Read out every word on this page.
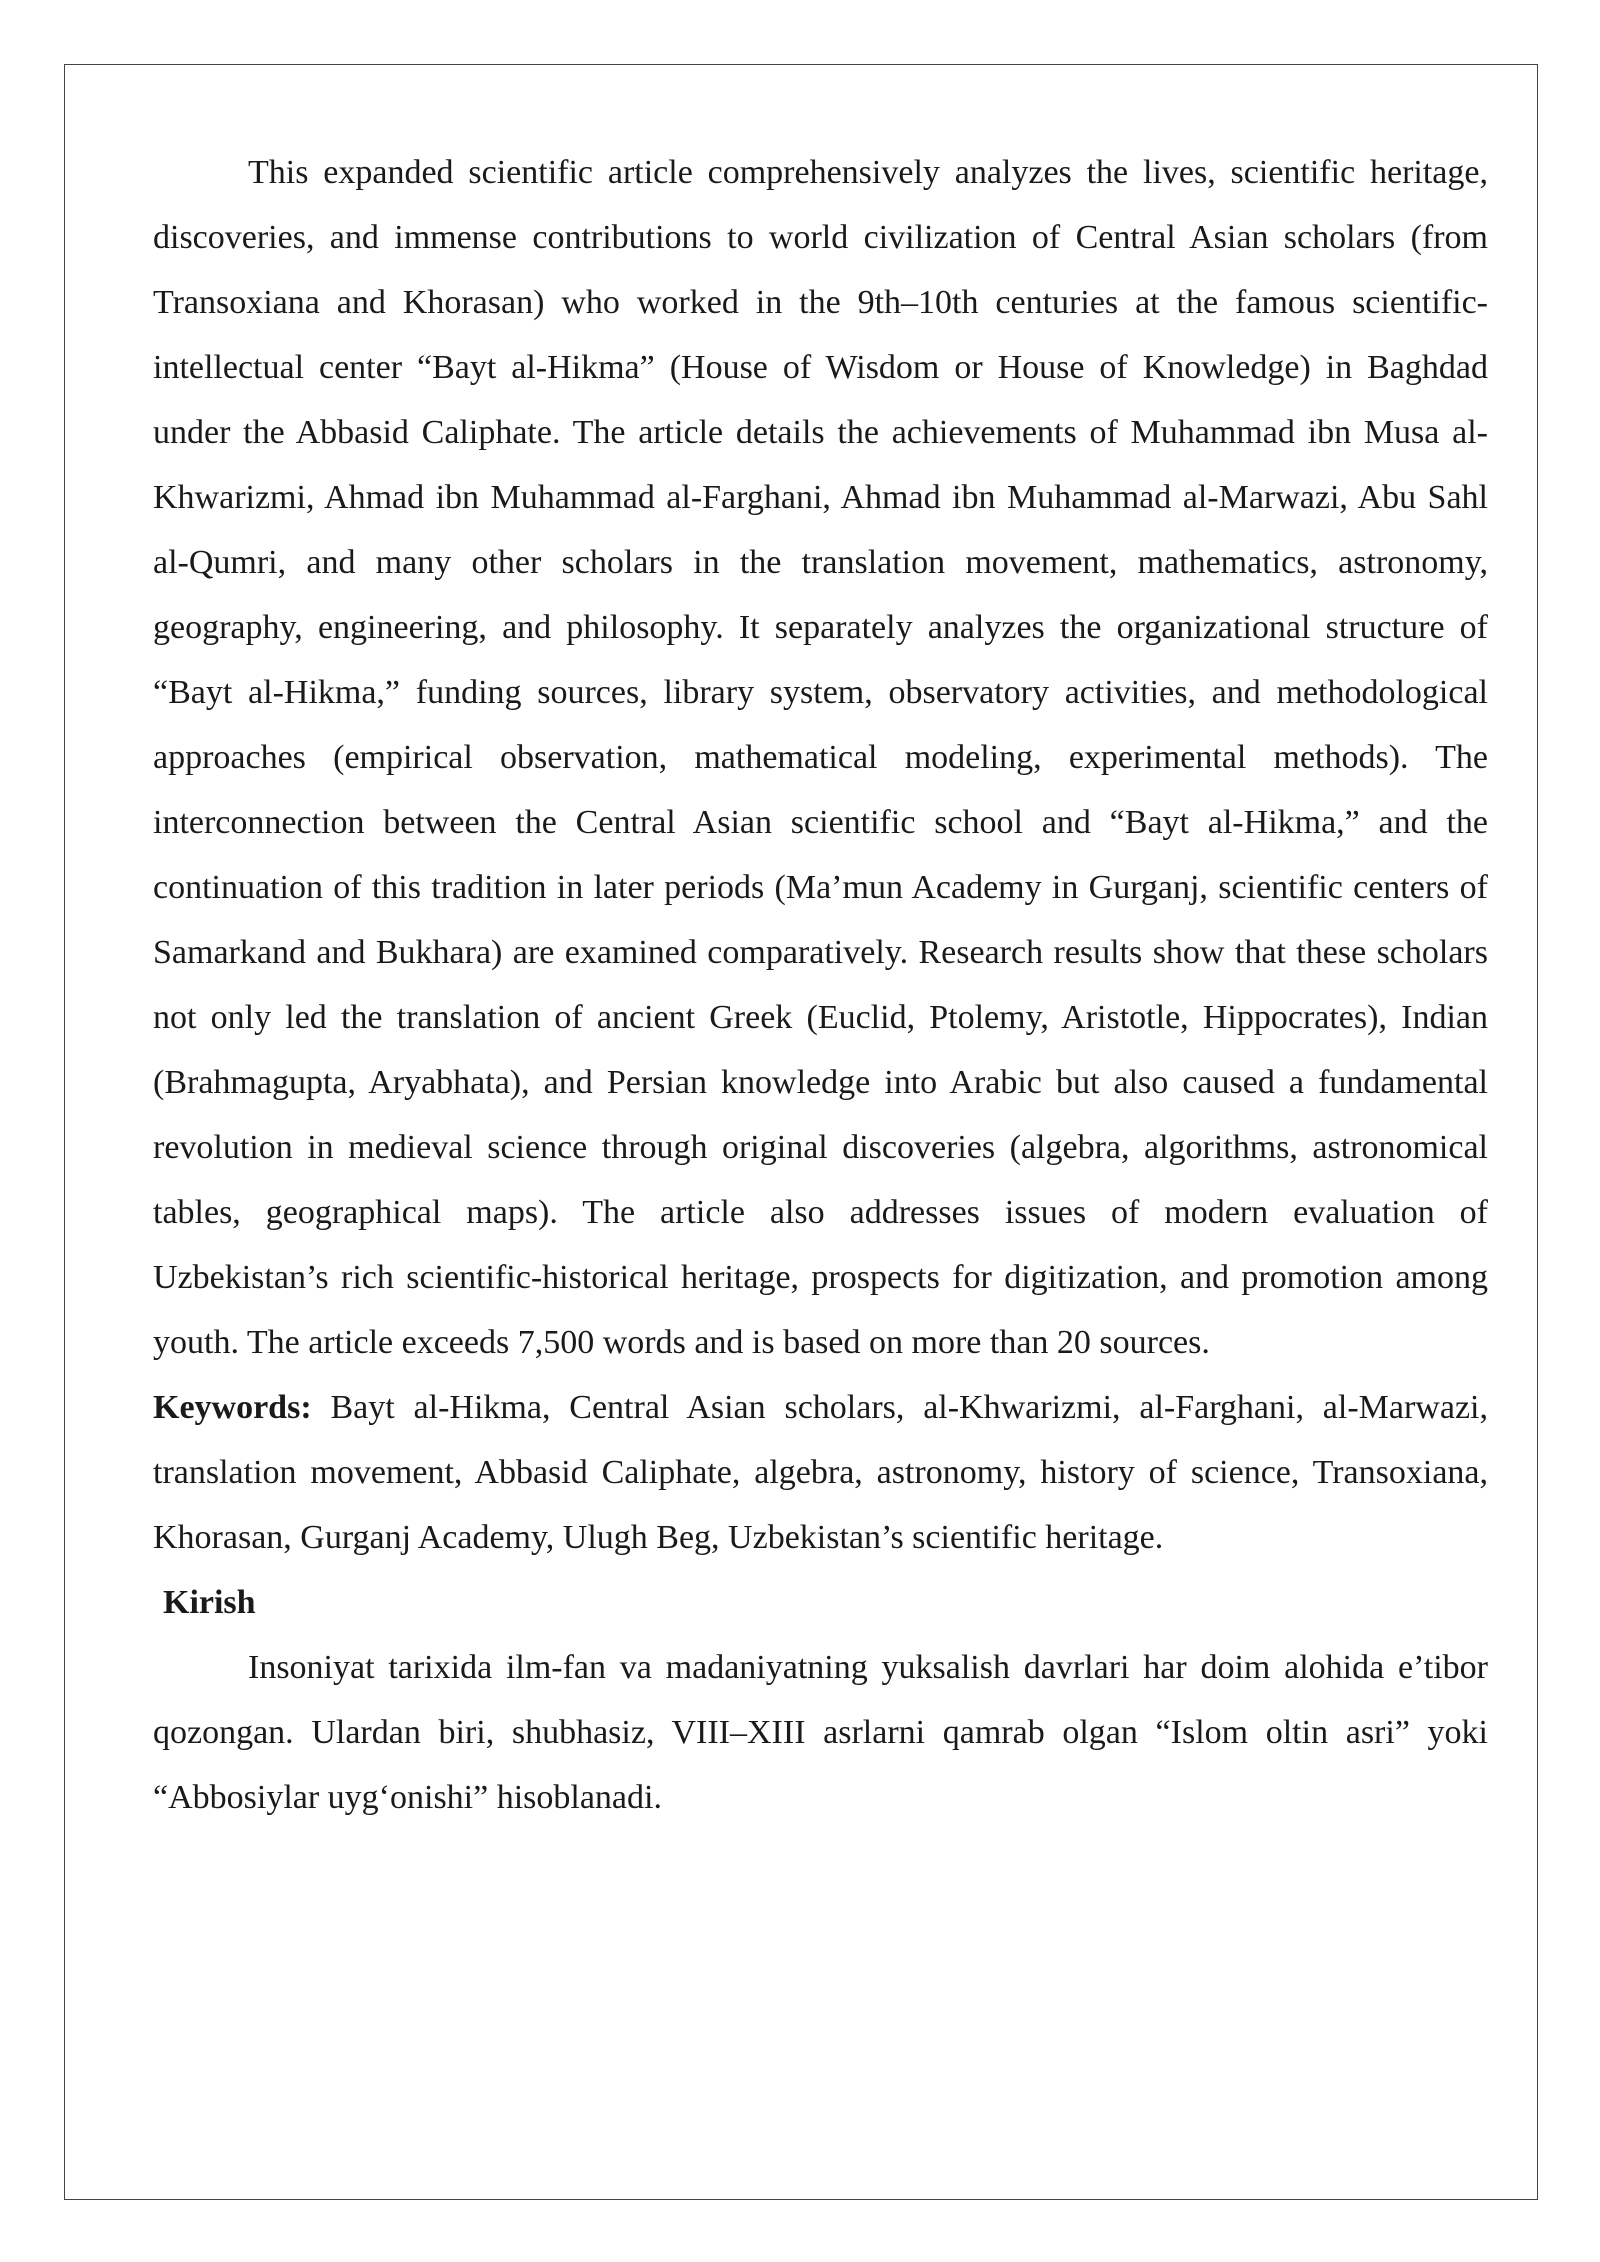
This expanded scientific article comprehensively analyzes the lives, scientific heritage, discoveries, and immense contributions to world civilization of Central Asian scholars (from Transoxiana and Khorasan) who worked in the 9th–10th centuries at the famous scientific-intellectual center “Bayt al-Hikma” (House of Wisdom or House of Knowledge) in Baghdad under the Abbasid Caliphate. The article details the achievements of Muhammad ibn Musa al-Khwarizmi, Ahmad ibn Muhammad al-Farghani, Ahmad ibn Muhammad al-Marwazi, Abu Sahl al-Qumri, and many other scholars in the translation movement, mathematics, astronomy, geography, engineering, and philosophy. It separately analyzes the organizational structure of “Bayt al-Hikma,” funding sources, library system, observatory activities, and methodological approaches (empirical observation, mathematical modeling, experimental methods). The interconnection between the Central Asian scientific school and “Bayt al-Hikma,” and the continuation of this tradition in later periods (Ma’mun Academy in Gurganj, scientific centers of Samarkand and Bukhara) are examined comparatively. Research results show that these scholars not only led the translation of ancient Greek (Euclid, Ptolemy, Aristotle, Hippocrates), Indian (Brahmagupta, Aryabhata), and Persian knowledge into Arabic but also caused a fundamental revolution in medieval science through original discoveries (algebra, algorithms, astronomical tables, geographical maps). The article also addresses issues of modern evaluation of Uzbekistan’s rich scientific-historical heritage, prospects for digitization, and promotion among youth. The article exceeds 7,500 words and is based on more than 20 sources.

Keywords: Bayt al-Hikma, Central Asian scholars, al-Khwarizmi, al-Farghani, al-Marwazi, translation movement, Abbasid Caliphate, algebra, astronomy, history of science, Transoxiana, Khorasan, Gurganj Academy, Ulugh Beg, Uzbekistan’s scientific heritage.

Kirish

Insoniyat tarixida ilm-fan va madaniyatning yuksalish davrlari har doim alohida e’tibor qozongan. Ulardan biri, shubhasiz, VIII–XIII asrlarni qamrab olgan “Islom oltin asri” yoki “Abbosiylar uyg‘onishi” hisoblanadi.
